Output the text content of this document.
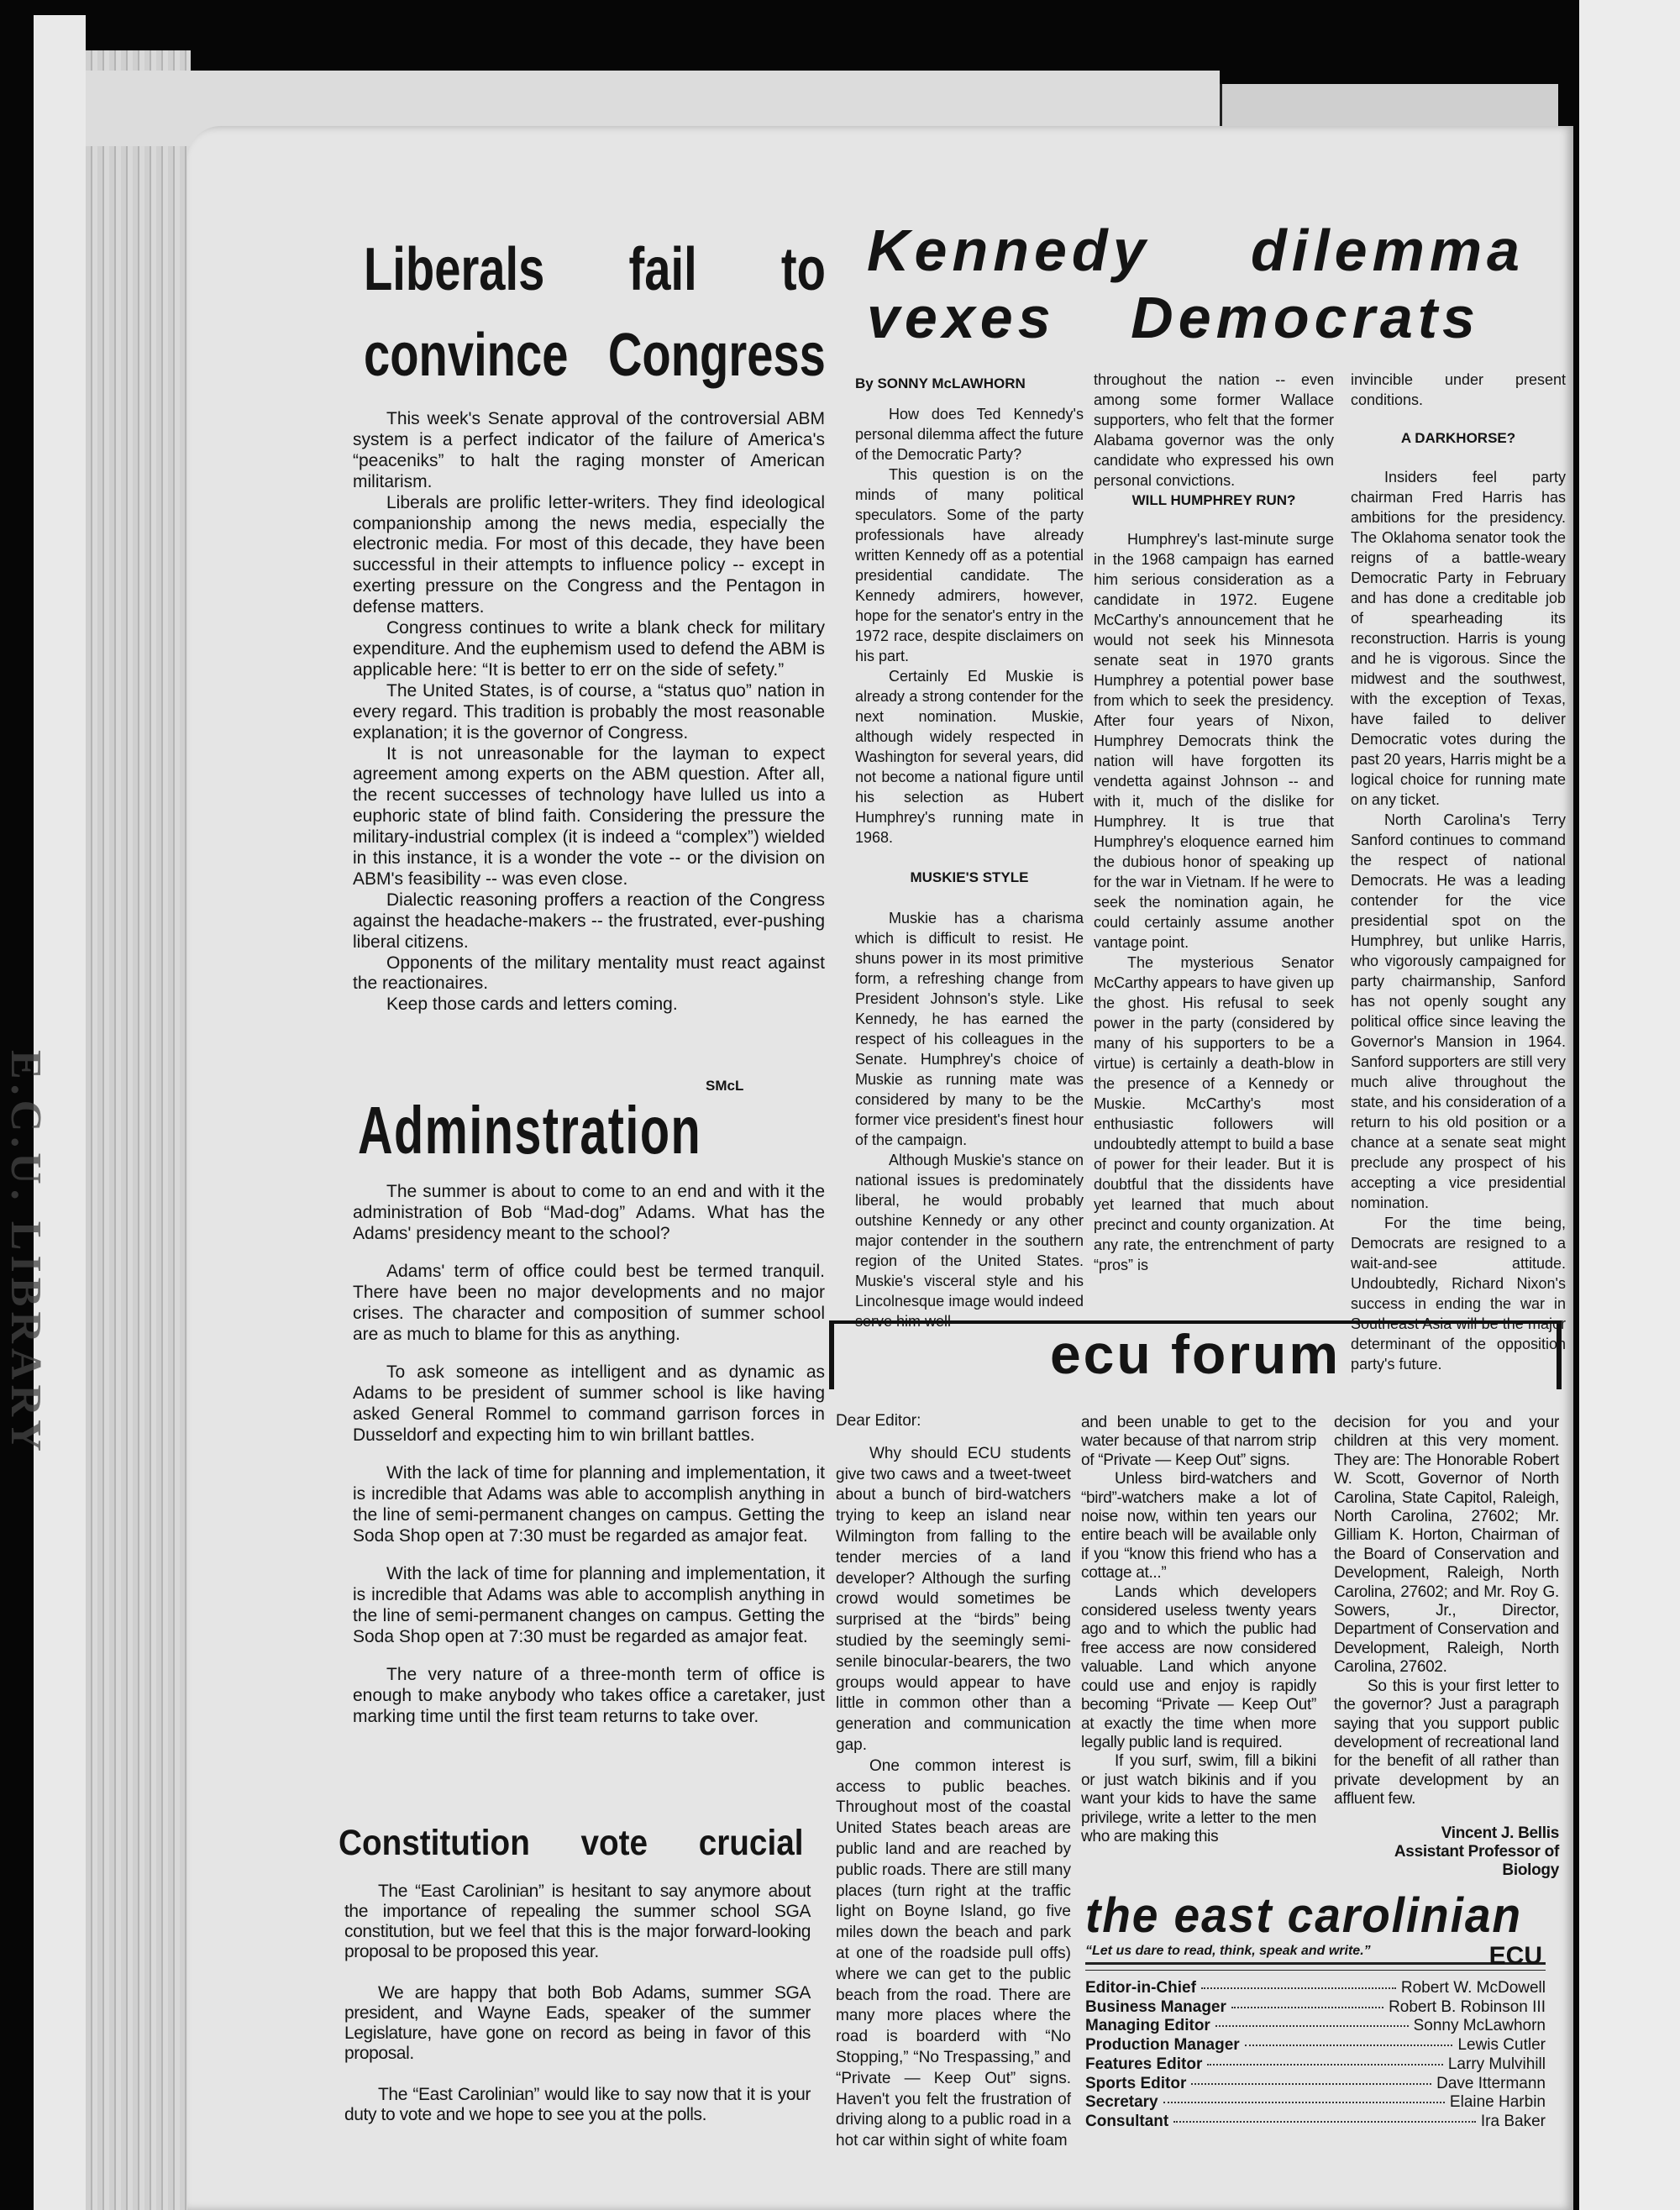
E.C.U. LIBRARY
Liberals fail to
convince Congress

This week's Senate approval of the controversial ABM system is a perfect indicator of the failure of America's “peaceniks” to halt the raging monster of American militarism.

Liberals are prolific letter-writers. They find ideological companionship among the news media, especially the electronic media. For most of this decade, they have been successful in their attempts to influence policy -- except in exerting pressure on the Congress and the Pentagon in defense matters.

Congress continues to write a blank check for military expenditure. And the euphemism used to defend the ABM is applicable here: “It is better to err on the side of sefety.”

The United States, is of course, a “status quo” nation in every regard. This tradition is probably the most reasonable explanation; it is the governor of Congress.

It is not unreasonable for the layman to expect agreement among experts on the ABM question. After all, the recent successes of technology have lulled us into a euphoric state of blind faith. Considering the pressure the military-industrial complex (it is indeed a “complex”) wielded in this instance, it is a wonder the vote -- or the division on ABM's feasibility -- was even close.

Dialectic reasoning proffers a reaction of the Congress against the headache-makers -- the frustrated, ever-pushing liberal citizens.

Opponents of the military mentality must react against the reactionaires.

Keep those cards and letters coming.

SMcL
Adminstration

The summer is about to come to an end and with it the administration of Bob “Mad-dog” Adams. What has the Adams' presidency meant to the school?

Adams' term of office could best be termed tranquil. There have been no major developments and no major crises. The character and composition of summer school are as much to blame for this as anything.

To ask someone as intelligent and as dynamic as Adams to be president of summer school is like having asked General Rommel to command garrison forces in Dusseldorf and expecting him to win brillant battles.

With the lack of time for planning and implementation, it is incredible that Adams was able to accomplish anything in the line of semi-permanent changes on campus. Getting the Soda Shop open at 7:30 must be regarded as amajor feat.

With the lack of time for planning and implementation, it is incredible that Adams was able to accomplish anything in the line of semi-permanent changes on campus. Getting the Soda Shop open at 7:30 must be regarded as amajor feat.

The very nature of a three-month term of office is enough to make anybody who takes office a caretaker, just marking time until the first team returns to take over.

Constitution vote crucial

The “East Carolinian” is hesitant to say anymore about the importance of repealing the summer school SGA constitution, but we feel that this is the major forward-looking proposal to be proposed this year.

We are happy that both Bob Adams, summer SGA president, and Wayne Eads, speaker of the summer Legislature, have gone on record as being in favor of this proposal.

The “East Carolinian” would like to say now that it is your duty to vote and we hope to see you at the polls.

Kennedy dilemma
vexes Democrats
By SONNY McLAWHORN

How does Ted Kennedy's personal dilemma affect the future of the Democratic Party?

This question is on the minds of many political speculators. Some of the party professionals have already written Kennedy off as a potential presidential candidate. The Kennedy admirers, however, hope for the senator's entry in the 1972 race, despite disclaimers on his part.

Certainly Ed Muskie is already a strong contender for the next nomination. Muskie, although widely respected in Washington for several years, did not become a national figure until his selection as Hubert Humphrey's running mate in 1968.

MUSKIE'S STYLE

Muskie has a charisma which is difficult to resist. He shuns power in its most primitive form, a refreshing change from President Johnson's style. Like Kennedy, he has earned the respect of his colleagues in the Senate. Humphrey's choice of Muskie as running mate was considered by many to be the former vice president's finest hour of the campaign.

Although Muskie's stance on national issues is predominately liberal, he would probably outshine Kennedy or any other major contender in the southern region of the United States. Muskie's visceral style and his Lincolnesque image would indeed serve him well

throughout the nation -- even among some former Wallace supporters, who felt that the former Alabama governor was the only candidate who expressed his own personal convictions.

WILL HUMPHREY RUN?

Humphrey's last-minute surge in the 1968 campaign has earned him serious consideration as a candidate in 1972. Eugene McCarthy's announcement that he would not seek his Minnesota senate seat in 1970 grants Humphrey a potential power base from which to seek the presidency. After four years of Nixon, Humphrey Democrats think the nation will have forgotten its vendetta against Johnson -- and with it, much of the dislike for Humphrey. It is true that Humphrey's eloquence earned him the dubious honor of speaking up for the war in Vietnam. If he were to seek the nomination again, he could certainly assume another vantage point.

The mysterious Senator McCarthy appears to have given up the ghost. His refusal to seek power in the party (considered by many of his supporters to be a virtue) is certainly a death-blow in the presence of a Kennedy or Muskie. McCarthy's most enthusiastic followers will undoubtedly attempt to build a base of power for their leader. But it is doubtful that the dissidents have yet learned that much about precinct and county organization. At any rate, the entrenchment of party “pros” is

invincible under present conditions.

A DARKHORSE?

Insiders feel party chairman Fred Harris has ambitions for the presidency. The Oklahoma senator took the reigns of a battle-weary Democratic Party in February and has done a creditable job of spearheading its reconstruction. Harris is young and he is vigorous. Since the midwest and the southwest, with the exception of Texas, have failed to deliver Democratic votes during the past 20 years, Harris might be a logical choice for running mate on any ticket.

North Carolina's Terry Sanford continues to command the respect of national Democrats. He was a leading contender for the vice presidential spot on the Humphrey, but unlike Harris, who vigorously campaigned for party chairmanship, Sanford has not openly sought any political office since leaving the Governor's Mansion in 1964. Sanford supporters are still very much alive throughout the state, and his consideration of a return to his old position or a chance at a senate seat might preclude any prospect of his accepting a vice presidential nomination.

For the time being, Democrats are resigned to a wait-and-see attitude. Undoubtedly, Richard Nixon's success in ending the war in Southeast Asia will be the major determinant of the opposition party's future.

ecu forum
Dear Editor:

Why should ECU students give two caws and a tweet-tweet about a bunch of bird-watchers trying to keep an island near Wilmington from falling to the tender mercies of a land developer? Although the surfing crowd would sometimes be surprised at the “birds” being studied by the seemingly semi-senile binocular-bearers, the two groups would appear to have little in common other than a generation and communication gap.

One common interest is access to public beaches. Throughout most of the coastal United States beach areas are public land and are reached by public roads. There are still many places (turn right at the traffic light on Boyne Island, go five miles down the beach and park at one of the roadside pull offs) where we can get to the public beach from the road. There are many more places where the road is boarderd with “No Stopping,” “No Trespassing,” and “Private — Keep Out” signs. Haven't you felt the frustration of driving along to a public road in a hot car within sight of white foam

and been unable to get to the water because of that narrom strip of “Private — Keep Out” signs.

Unless bird-watchers and “bird”-watchers make a lot of noise now, within ten years our entire beach will be available only if you “know this friend who has a cottage at...”

Lands which developers considered useless twenty years ago and to which the public had free access are now considered valuable. Land which anyone could use and enjoy is rapidly becoming “Private — Keep Out” at exactly the time when more legally public land is required.

If you surf, swim, fill a bikini or just watch bikinis and if you want your kids to have the same privilege, write a letter to the men who are making this

decision for you and your children at this very moment. They are: The Honorable Robert W. Scott, Governor of North Carolina, State Capitol, Raleigh, North Carolina, 27602; Mr. Gilliam K. Horton, Chairman of the Board of Conservation and Development, Raleigh, North Carolina, 27602; and Mr. Roy G. Sowers, Jr., Director, Department of Conservation and Development, Raleigh, North Carolina, 27602.

So this is your first letter to the governor? Just a paragraph saying that you support public development of recreational land for the benefit of all rather than private development by an affluent few.

Vincent J. Bellis
Assistant Professor of Biology
the east carolinian
“Let us dare to read, think, speak and write.”	ECU
Editor-in-Chief	Robert W. McDowell
Business Manager	Robert B. Robinson III
Managing Editor	Sonny McLawhorn
Production Manager	Lewis Cutler
Features Editor	Larry Mulvihill
Sports Editor	Dave Ittermann
Secretary	Elaine Harbin
Consultant	Ira Baker
